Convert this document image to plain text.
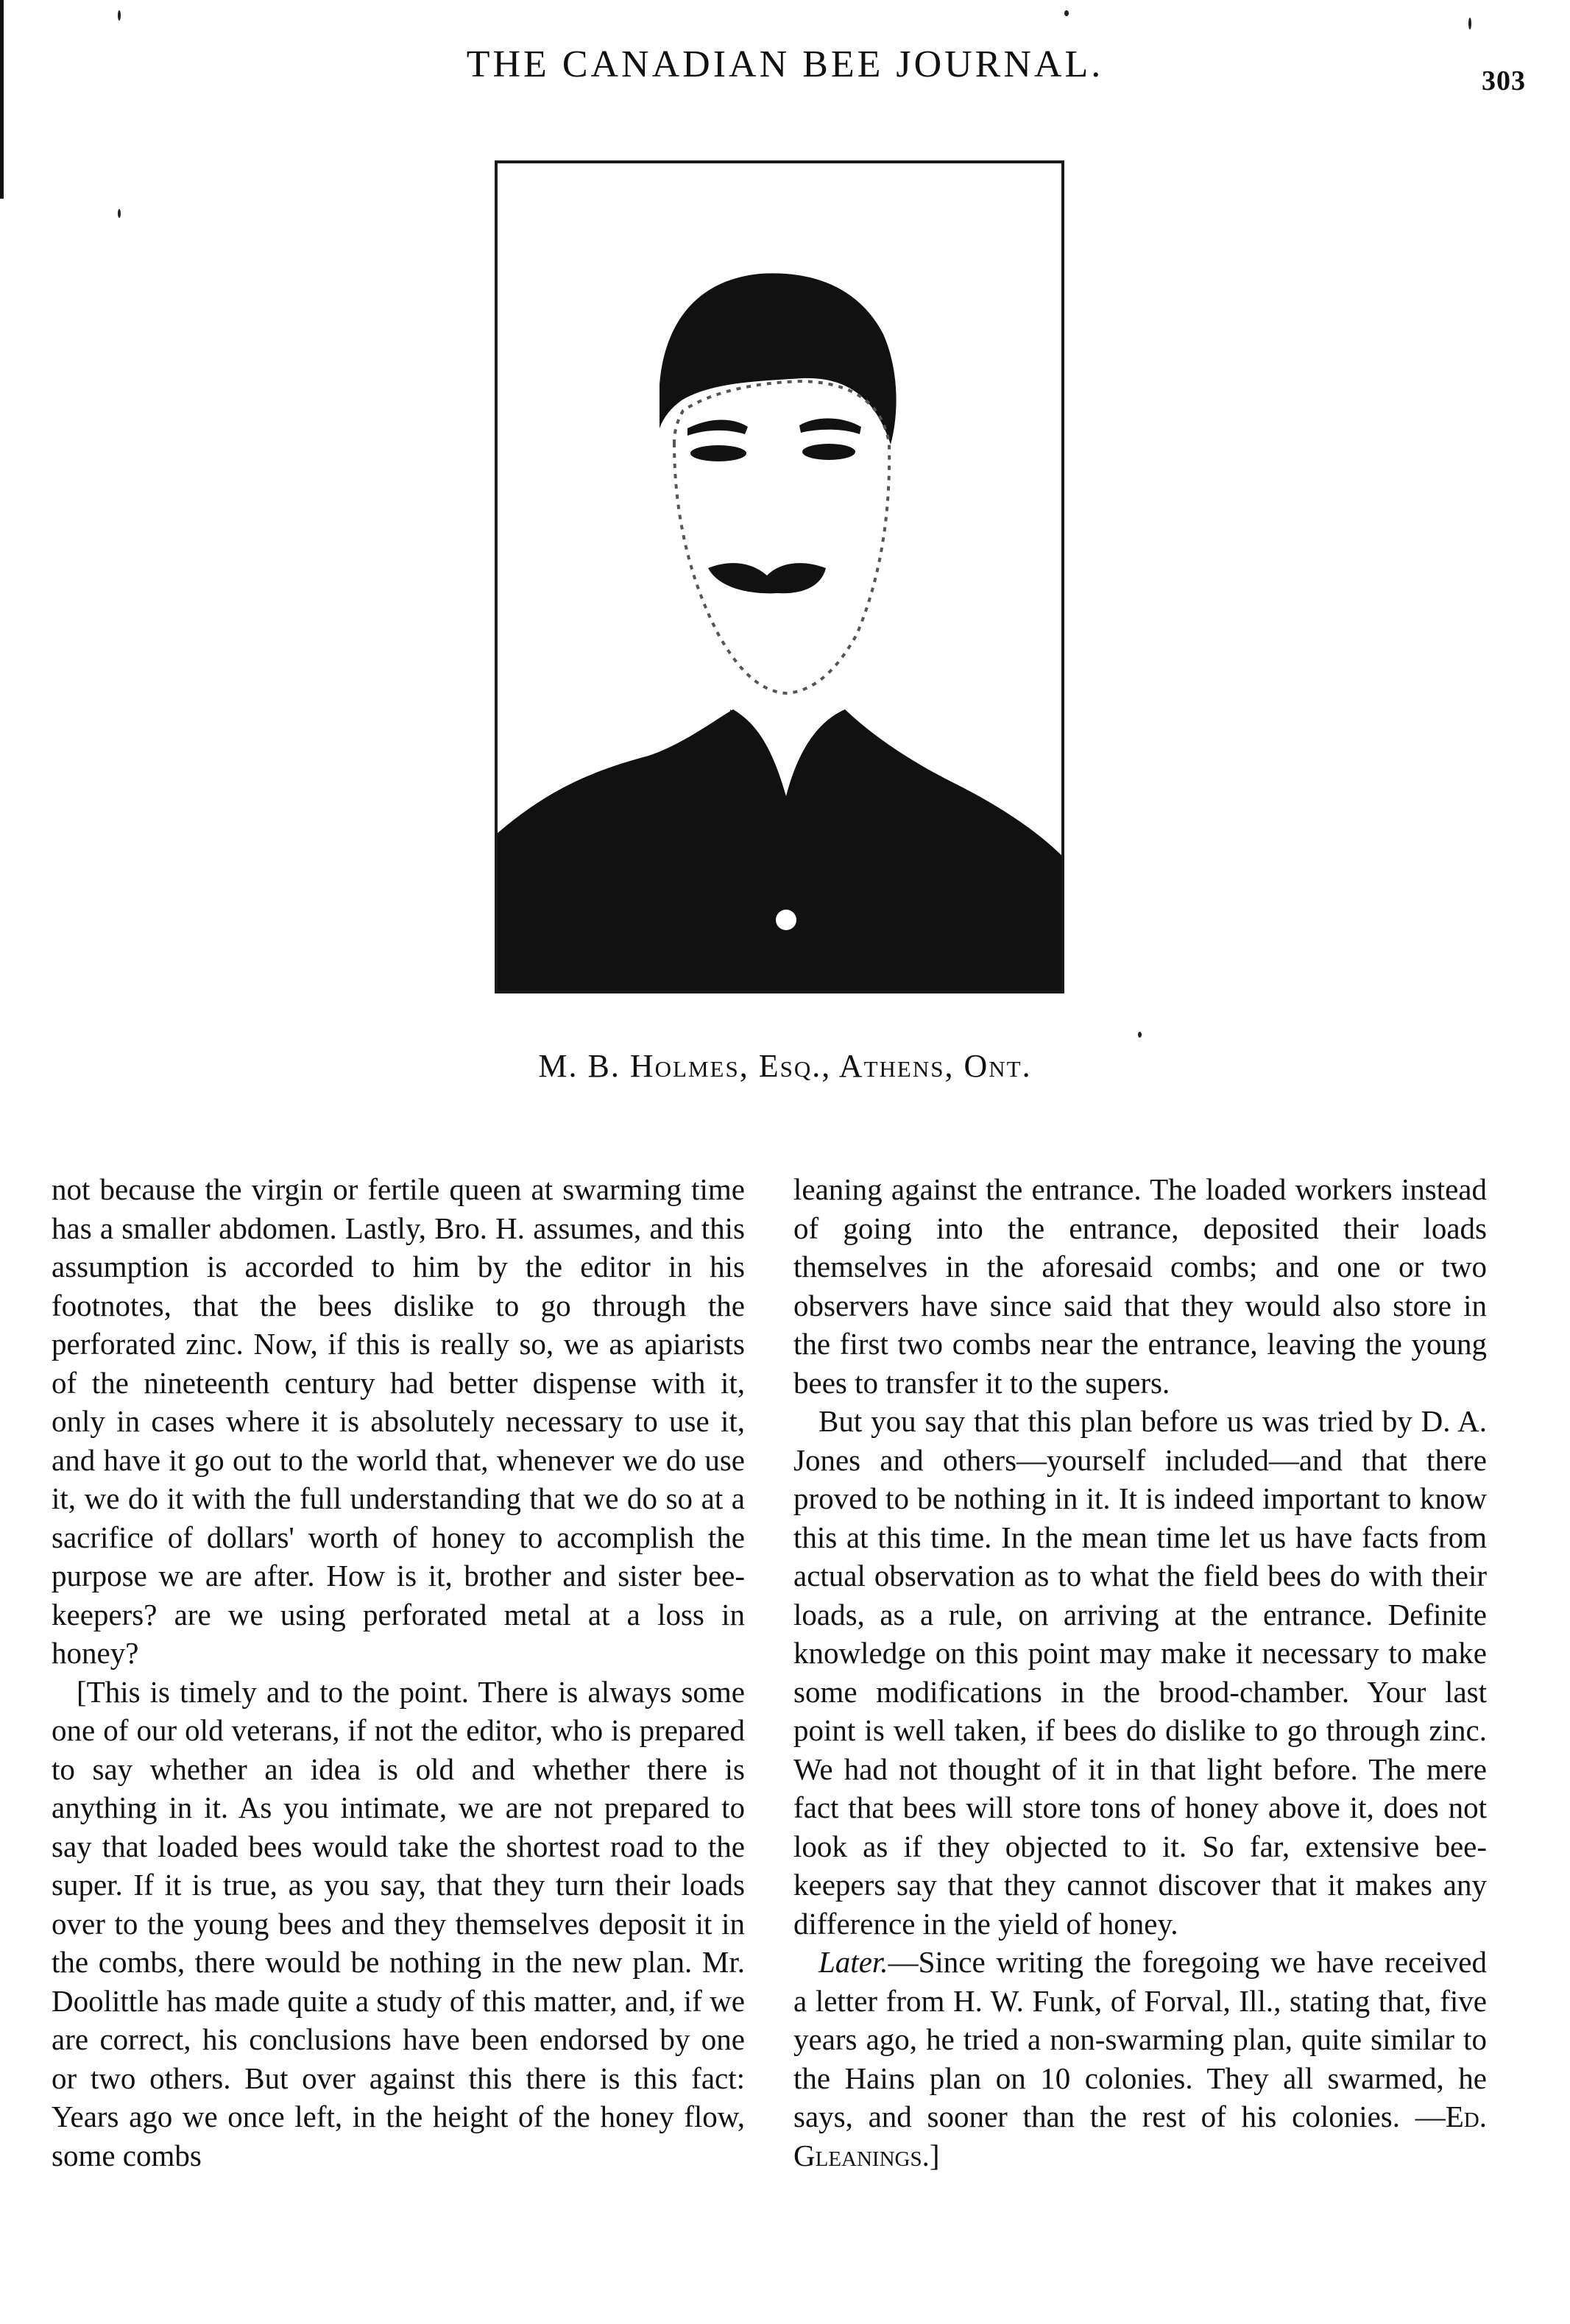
THE CANADIAN BEE JOURNAL.	303
M. B. Holmes, Esq., Athens, Ont.

not because the virgin or fertile queen at swarming time has a smaller abdomen. Lastly, Bro. H. assumes, and this assumption is accorded to him by the editor in his footnotes, that the bees dislike to go through the perforated zinc. Now, if this is really so, we as apiarists of the nineteenth century had better dispense with it, only in cases where it is absolutely necessary to use it, and have it go out to the world that, whenever we do use it, we do it with the full understanding that we do so at a sacrifice of dollars' worth of honey to accomplish the purpose we are after. How is it, brother and sister bee-keepers? are we using perforated metal at a loss in honey?

[This is timely and to the point. There is always some one of our old veterans, if not the editor, who is prepared to say whether an idea is old and whether there is anything in it. As you intimate, we are not prepared to say that loaded bees would take the shortest road to the super. If it is true, as you say, that they turn their loads over to the young bees and they themselves deposit it in the combs, there would be nothing in the new plan. Mr. Doolittle has made quite a study of this matter, and, if we are correct, his conclusions have been endorsed by one or two others. But over against this there is this fact: Years ago we once left, in the height of the honey flow, some combs

leaning against the entrance. The loaded workers instead of going into the entrance, deposited their loads themselves in the aforesaid combs; and one or two observers have since said that they would also store in the first two combs near the entrance, leaving the young bees to transfer it to the supers.

But you say that this plan before us was tried by D. A. Jones and others—yourself included—and that there proved to be nothing in it. It is indeed important to know this at this time. In the mean time let us have facts from actual observation as to what the field bees do with their loads, as a rule, on arriving at the entrance. Definite knowledge on this point may make it necessary to make some modifications in the brood-chamber. Your last point is well taken, if bees do dislike to go through zinc. We had not thought of it in that light before. The mere fact that bees will store tons of honey above it, does not look as if they objected to it. So far, extensive bee-keepers say that they cannot discover that it makes any difference in the yield of honey.

Later.—Since writing the foregoing we have received a letter from H. W. Funk, of Forval, Ill., stating that, five years ago, he tried a non-swarming plan, quite similar to the Hains plan on 10 colonies. They all swarmed, he says, and sooner than the rest of his colonies. —Ed. Gleanings.]
